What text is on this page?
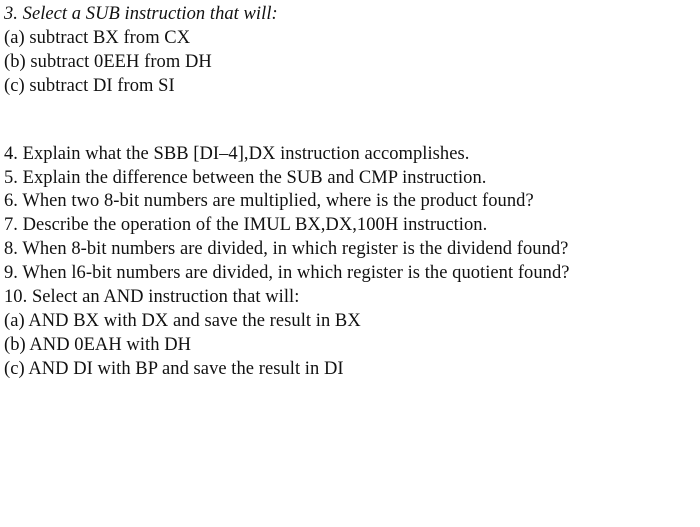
3. Select a SUB instruction that will:
(a) subtract BX from CX
(b) subtract 0EEH from DH
(c) subtract DI from SI
4. Explain what the SBB [DI–4],DX instruction accomplishes.
5. Explain the difference between the SUB and CMP instruction.
6. When two 8-bit numbers are multiplied, where is the product found?
7. Describe the operation of the IMUL BX,DX,100H instruction.
8. When 8-bit numbers are divided, in which register is the dividend found?
9. When l6-bit numbers are divided, in which register is the quotient found?
10. Select an AND instruction that will:
(a) AND BX with DX and save the result in BX
(b) AND 0EAH with DH
(c) AND DI with BP and save the result in DI
